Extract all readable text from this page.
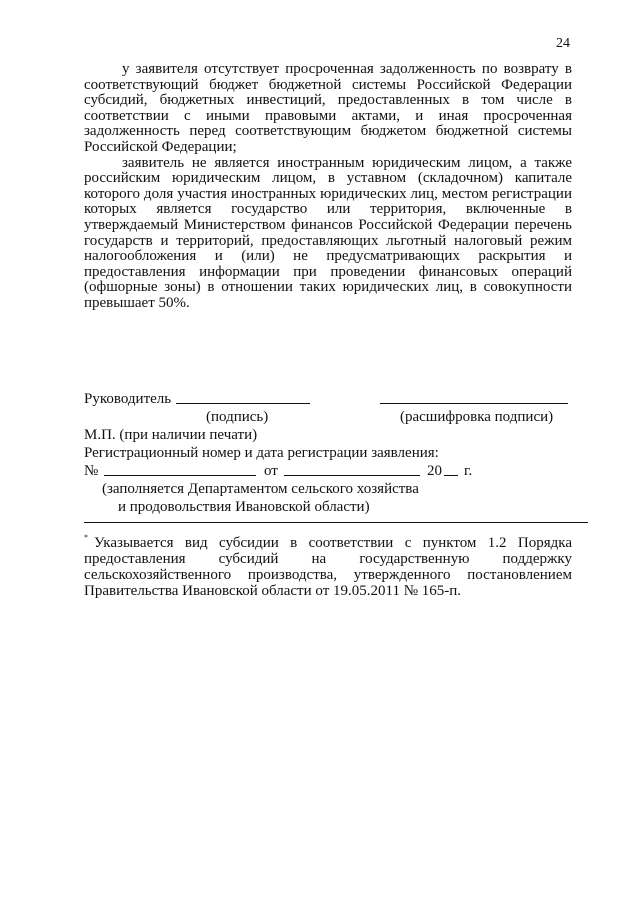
24

у заявителя отсутствует просроченная задолженность по возврату в соответствующий бюджет бюджетной системы Российской Федерации субсидий, бюджетных инвестиций, предоставленных в том числе в соответствии с иными правовыми актами, и иная просроченная задолженность перед соответствующим бюджетом бюджетной системы Российской Федерации;

заявитель не является иностранным юридическим лицом, а также российским юридическим лицом, в уставном (складочном) капитале которого доля участия иностранных юридических лиц, местом регистрации которых является государство или территория, включенные в утверждаемый Министерством финансов Российской Федерации перечень государств и территорий, предоставляющих льготный налоговый режим налогообложения и (или) не предусматривающих раскрытия и предоставления информации при проведении финансовых операций (офшорные зоны) в отношении таких юридических лиц, в совокупности превышает 50%.

Руководитель
(подпись)	(расшифровка подписи)
М.П. (при наличии печати)
Регистрационный номер и дата регистрации заявления:
№	от	20 г.
(заполняется Департаментом сельского хозяйства
и продовольствия Ивановской области)

* Указывается вид субсидии в соответствии с пунктом 1.2 Порядка предоставления субсидий на государственную поддержку сельскохозяйственного производства, утвержденного постановлением Правительства Ивановской области от 19.05.2011 № 165-п.
